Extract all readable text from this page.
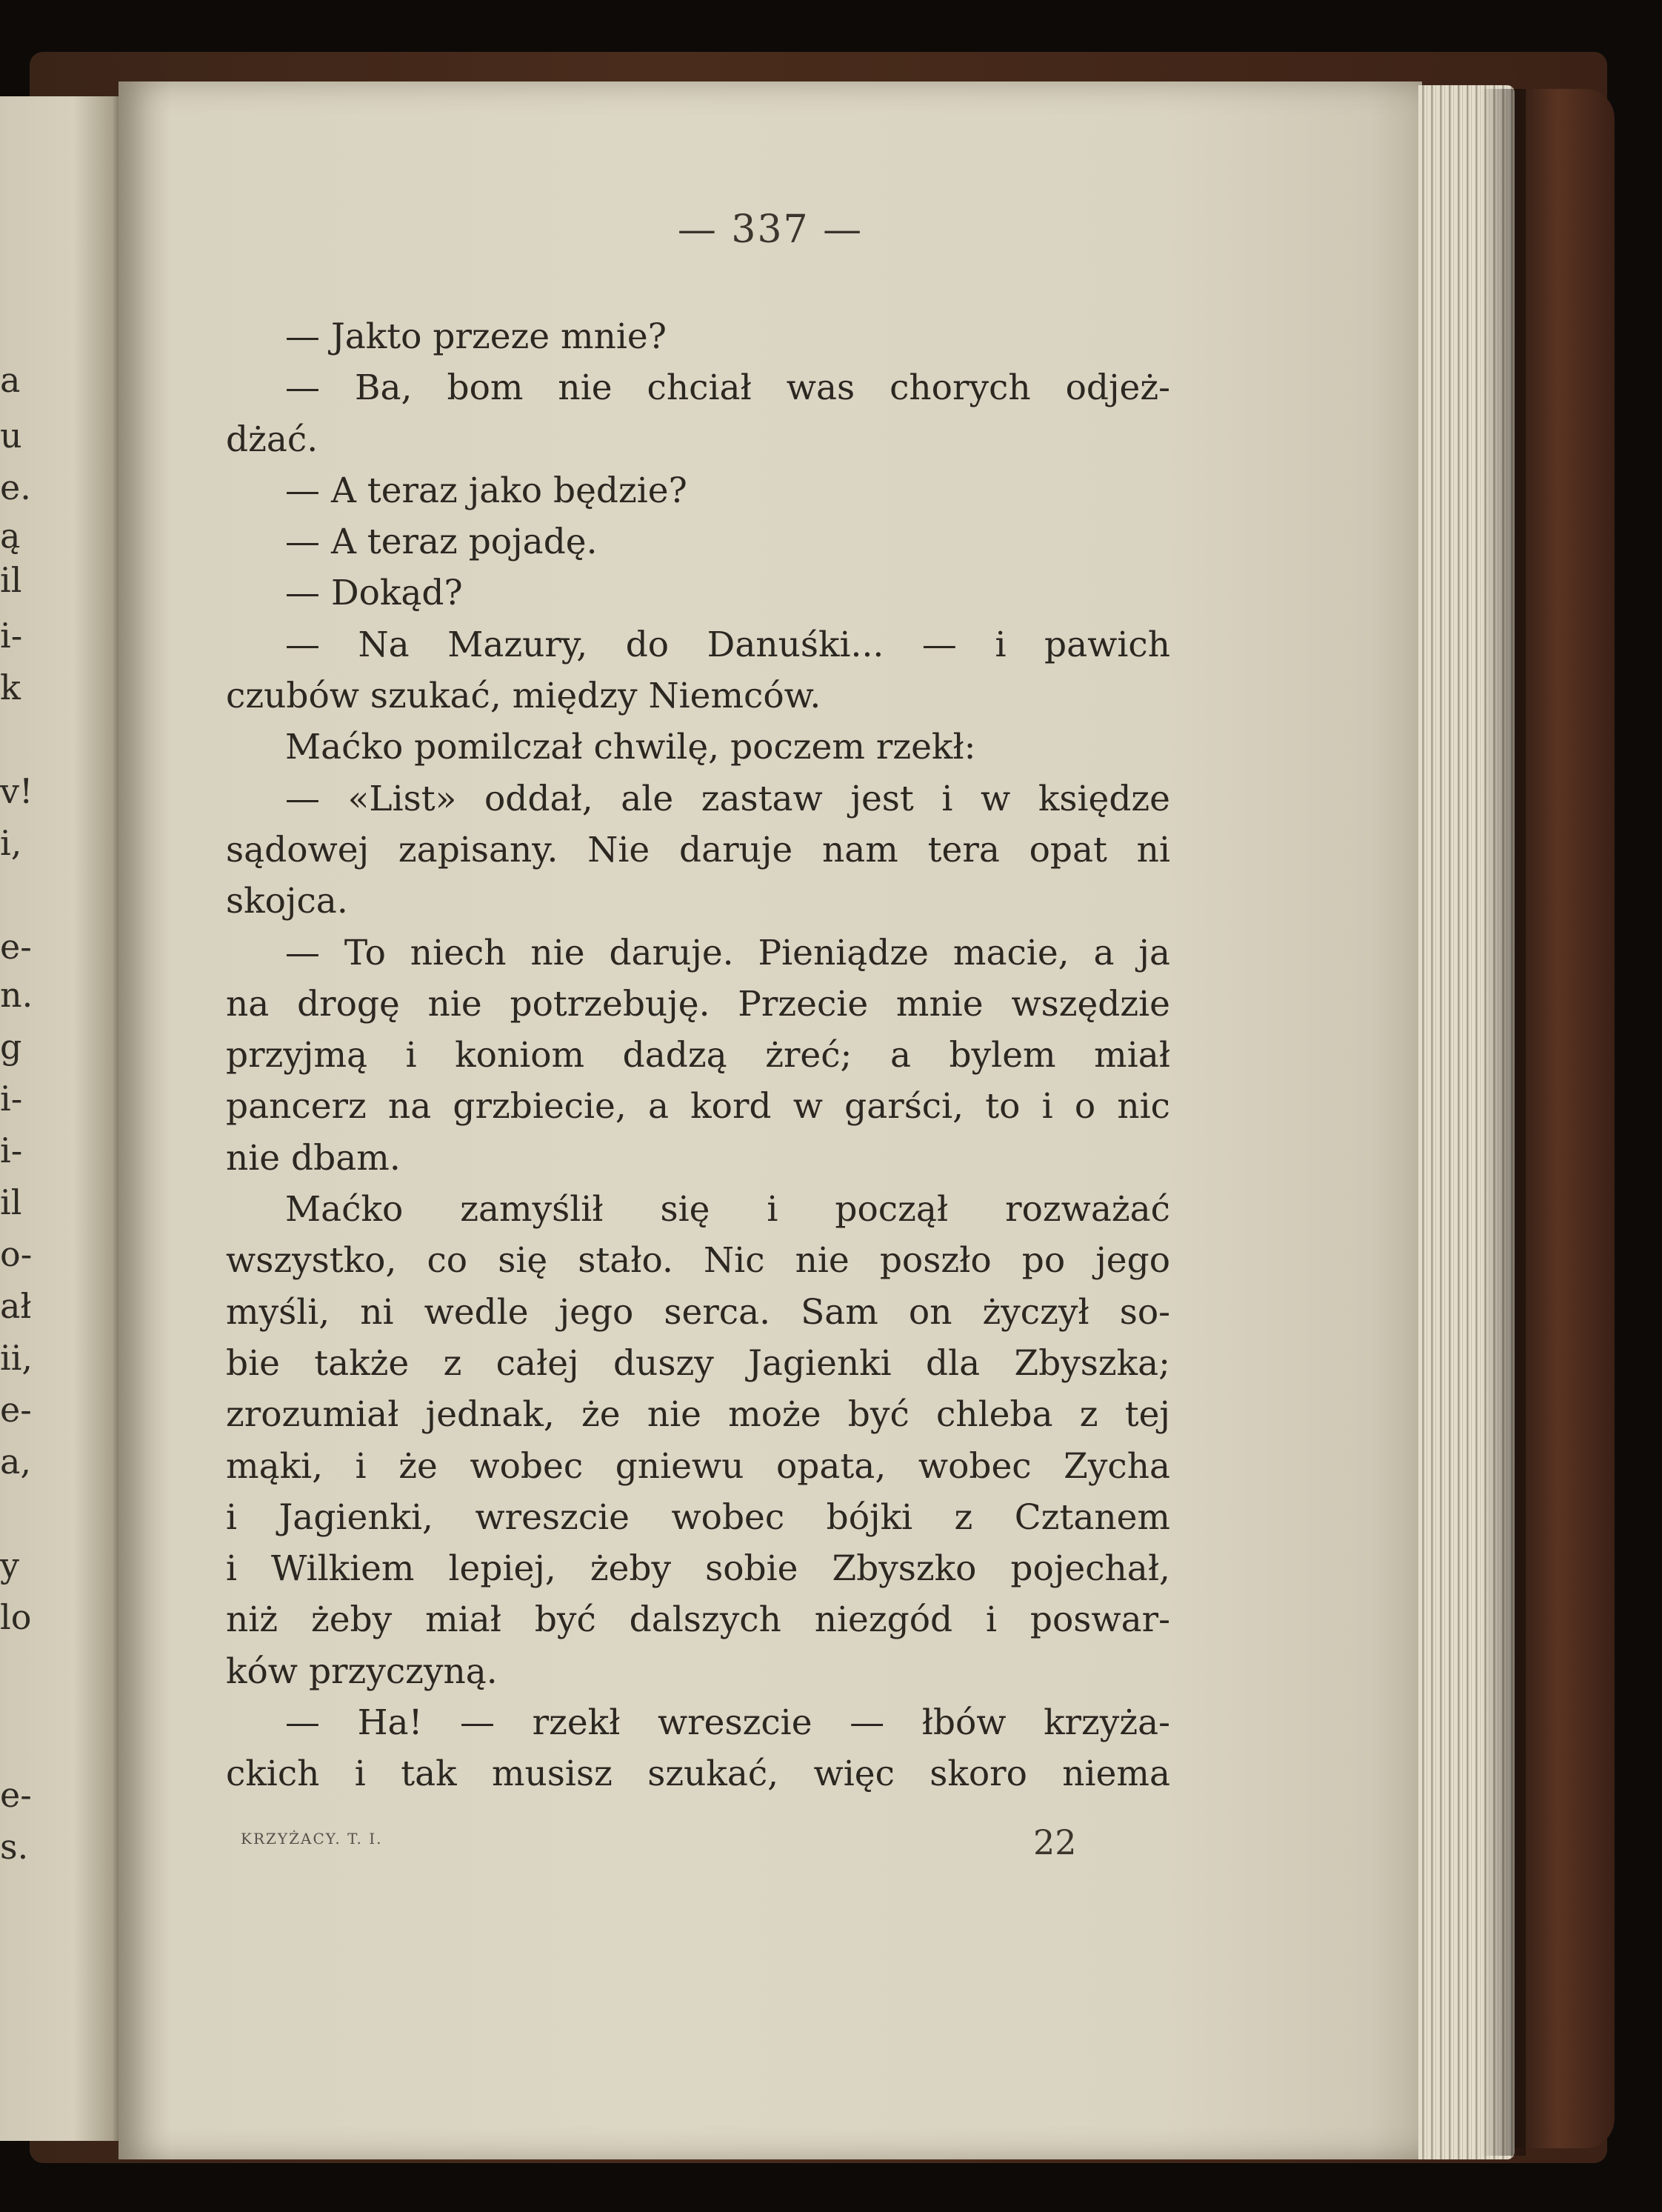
a
u
e.
ą
il
i-
k
v!
i,
e-
n.
g
i-
i-
il
o-
ał
ii,
e-
a,
y
lo
e-
s.
— 337 —
— Jakto przeze mnie?
— Ba, bom nie chciał was chorych odjeż-
dżać.
— A teraz jako będzie?
— A teraz pojadę.
— Dokąd?
— Na Mazury, do Danuśki... — i pawich
czubów szukać, między Niemców.
Maćko pomilczał chwilę, poczem rzekł:
— «List» oddał, ale zastaw jest i w księdze
sądowej zapisany. Nie daruje nam tera opat ni
skojca.
— To niech nie daruje. Pieniądze macie, a ja
na drogę nie potrzebuję. Przecie mnie wszędzie
przyjmą i koniom dadzą żreć; a bylem miał
pancerz na grzbiecie, a kord w garści, to i o nic
nie dbam.
Maćko zamyślił się i począł rozważać
wszystko, co się stało. Nic nie poszło po jego
myśli, ni wedle jego serca. Sam on życzył so-
bie także z całej duszy Jagienki dla Zbyszka;
zrozumiał jednak, że nie może być chleba z tej
mąki, i że wobec gniewu opata, wobec Zycha
i Jagienki, wreszcie wobec bójki z Cztanem
i Wilkiem lepiej, żeby sobie Zbyszko pojechał,
niż żeby miał być dalszych niezgód i poswar-
ków przyczyną.
— Ha! — rzekł wreszcie — łbów krzyża-
ckich i tak musisz szukać, więc skoro niema
KRZYŻACY. T. I.	22
